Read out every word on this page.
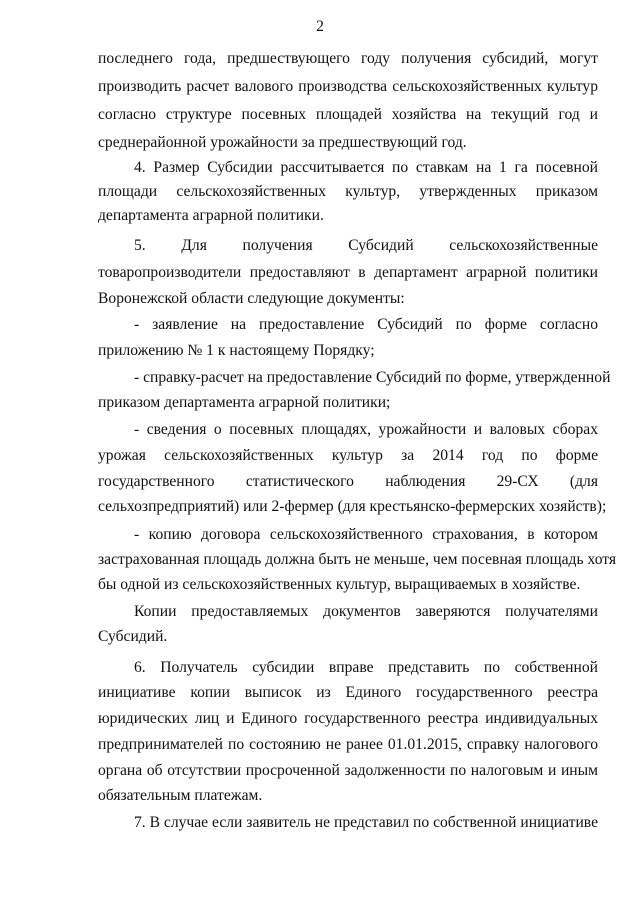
2
последнего года, предшествующего году получения субсидий, могут
производить расчет валового производства сельскохозяйственных культур
согласно структуре посевных площадей хозяйства на текущий год и
среднерайонной урожайности за предшествующий год.
4. Размер Субсидии рассчитывается по ставкам на 1 га посевной
площади сельскохозяйственных культур, утвержденных приказом
департамента аграрной политики.
5. Для получения Субсидий сельскохозяйственные
товаропроизводители предоставляют в департамент аграрной политики
Воронежской области следующие документы:
- заявление на предоставление Субсидий по форме согласно
приложению № 1 к настоящему Порядку;
- справку-расчет на предоставление Субсидий по форме, утвержденной
приказом департамента аграрной политики;
- сведения о посевных площадях, урожайности и валовых сборах
урожая сельскохозяйственных культур за 2014 год по форме
государственного статистического наблюдения 29-СХ (для
сельхозпредприятий) или 2-фермер (для крестьянско-фермерских хозяйств);
- копию договора сельскохозяйственного страхования, в котором
застрахованная площадь должна быть не меньше, чем посевная площадь хотя
бы одной из сельскохозяйственных культур, выращиваемых в хозяйстве.
Копии предоставляемых документов заверяются получателями
Субсидий.
6. Получатель субсидии вправе представить по собственной
инициативе копии выписок из Единого государственного реестра
юридических лиц и Единого государственного реестра индивидуальных
предпринимателей по состоянию не ранее 01.01.2015, справку налогового
органа об отсутствии просроченной задолженности по налоговым и иным
обязательным платежам.
7. В случае если заявитель не представил по собственной инициативе
